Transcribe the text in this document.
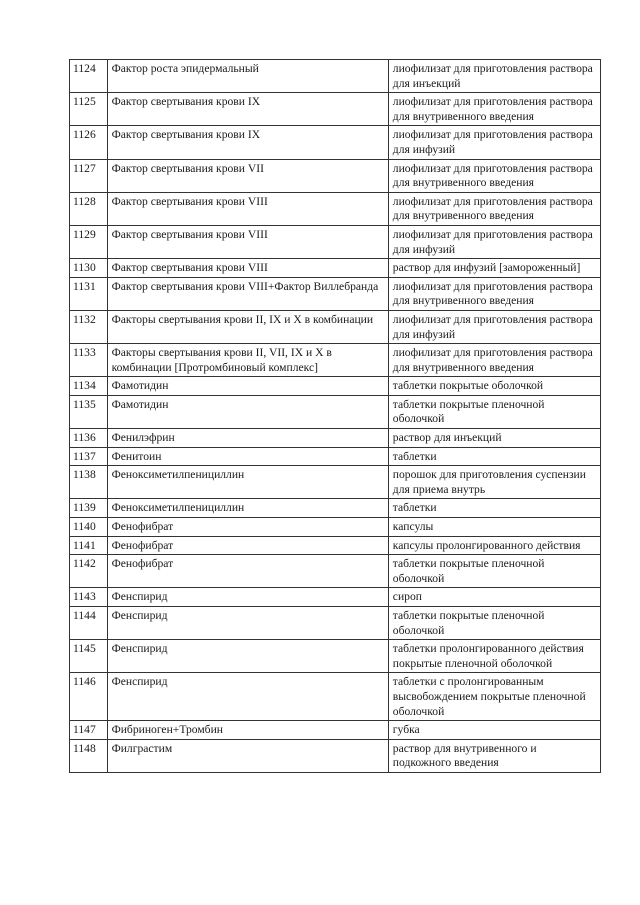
1124	Фактор роста эпидермальный	лиофилизат для приготовления раствора для инъекций
1125	Фактор свертывания крови IX	лиофилизат для приготовления раствора для внутривенного введения
1126	Фактор свертывания крови IX	лиофилизат для приготовления раствора для инфузий
1127	Фактор свертывания крови VII	лиофилизат для приготовления раствора для внутривенного введения
1128	Фактор свертывания крови VIII	лиофилизат для приготовления раствора для внутривенного введения
1129	Фактор свертывания крови VIII	лиофилизат для приготовления раствора для инфузий
1130	Фактор свертывания крови VIII	раствор для инфузий [замороженный]
1131	Фактор свертывания крови VIII+Фактор Виллебранда	лиофилизат для приготовления раствора для внутривенного введения
1132	Факторы свертывания крови II, IX и X в комбинации	лиофилизат для приготовления раствора для инфузий
1133	Факторы свертывания крови II, VII, IX и X в комбинации [Протромбиновый комплекс]	лиофилизат для приготовления раствора для внутривенного введения
1134	Фамотидин	таблетки покрытые оболочкой
1135	Фамотидин	таблетки покрытые пленочной оболочкой
1136	Фенилэфрин	раствор для инъекций
1137	Фенитоин	таблетки
1138	Феноксиметилпенициллин	порошок для приготовления суспензии для приема внутрь
1139	Феноксиметилпенициллин	таблетки
1140	Фенофибрат	капсулы
1141	Фенофибрат	капсулы пролонгированного действия
1142	Фенофибрат	таблетки покрытые пленочной оболочкой
1143	Фенспирид	сироп
1144	Фенспирид	таблетки покрытые пленочной оболочкой
1145	Фенспирид	таблетки пролонгированного действия покрытые пленочной оболочкой
1146	Фенспирид	таблетки с пролонгированным высвобождением покрытые пленочной оболочкой
1147	Фибриноген+Тромбин	губка
1148	Филграстим	раствор для внутривенного и подкожного введения
